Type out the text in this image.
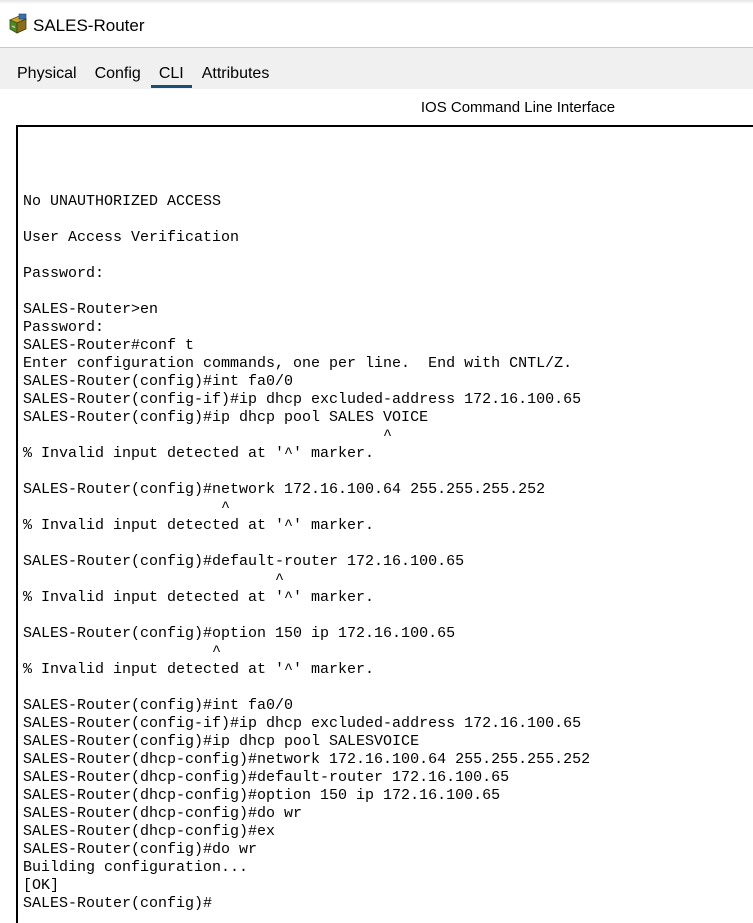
SALES-Router
Physical	Config	CLI	Attributes
IOS Command Line Interface
No UNAUTHORIZED ACCESS

User Access Verification

Password:

SALES-Router>en
Password:
SALES-Router#conf t
Enter configuration commands, one per line.  End with CNTL/Z.
SALES-Router(config)#int fa0/0
SALES-Router(config-if)#ip dhcp excluded-address 172.16.100.65
SALES-Router(config)#ip dhcp pool SALES VOICE
^
% Invalid input detected at '^' marker.

SALES-Router(config)#network 172.16.100.64 255.255.255.252
^
% Invalid input detected at '^' marker.

SALES-Router(config)#default-router 172.16.100.65
^
% Invalid input detected at '^' marker.

SALES-Router(config)#option 150 ip 172.16.100.65
^
% Invalid input detected at '^' marker.

SALES-Router(config)#int fa0/0
SALES-Router(config-if)#ip dhcp excluded-address 172.16.100.65
SALES-Router(config)#ip dhcp pool SALESVOICE
SALES-Router(dhcp-config)#network 172.16.100.64 255.255.255.252
SALES-Router(dhcp-config)#default-router 172.16.100.65
SALES-Router(dhcp-config)#option 150 ip 172.16.100.65
SALES-Router(dhcp-config)#do wr
SALES-Router(dhcp-config)#ex
SALES-Router(config)#do wr
Building configuration...
[OK]
SALES-Router(config)#
